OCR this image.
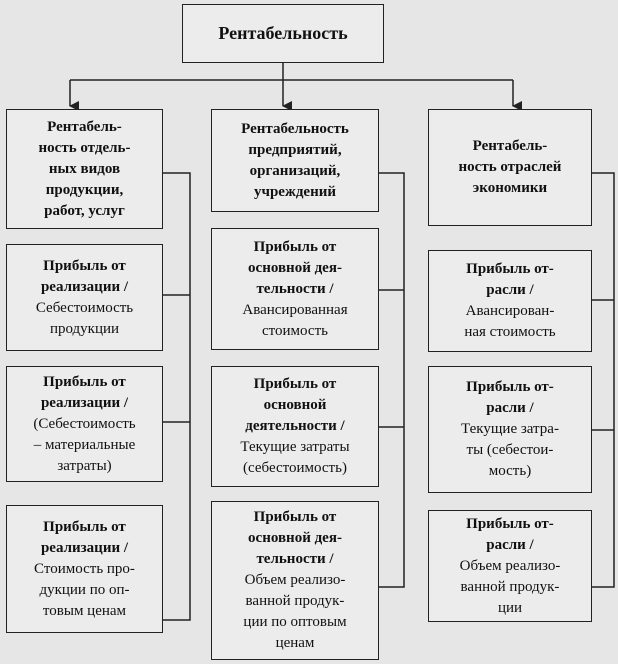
Рентабельность
Рентабель-
ность отдель-
ных видов
продукции,
работ, услуг
Прибыль от
реализации /
Себестоимость
продукции
Прибыль от
реализации /
(Себестоимость
– материальные
затраты)
Прибыль от
реализации /
Стоимость про-
дукции по оп-
товым ценам
Рентабельность
предприятий,
организаций,
учреждений
Прибыль от
основной дея-
тельности /
Авансированная
стоимость
Прибыль от
основной
деятельности /
Текущие затраты
(себестоимость)
Прибыль от
основной дея-
тельности /
Объем реализо-
ванной продук-
ции по оптовым
ценам
Рентабель-
ность отраслей
экономики
Прибыль от-
расли /
Авансирован-
ная стоимость
Прибыль от-
расли /
Текущие затра-
ты (себестои-
мость)
Прибыль от-
расли /
Объем реализо-
ванной продук-
ции
